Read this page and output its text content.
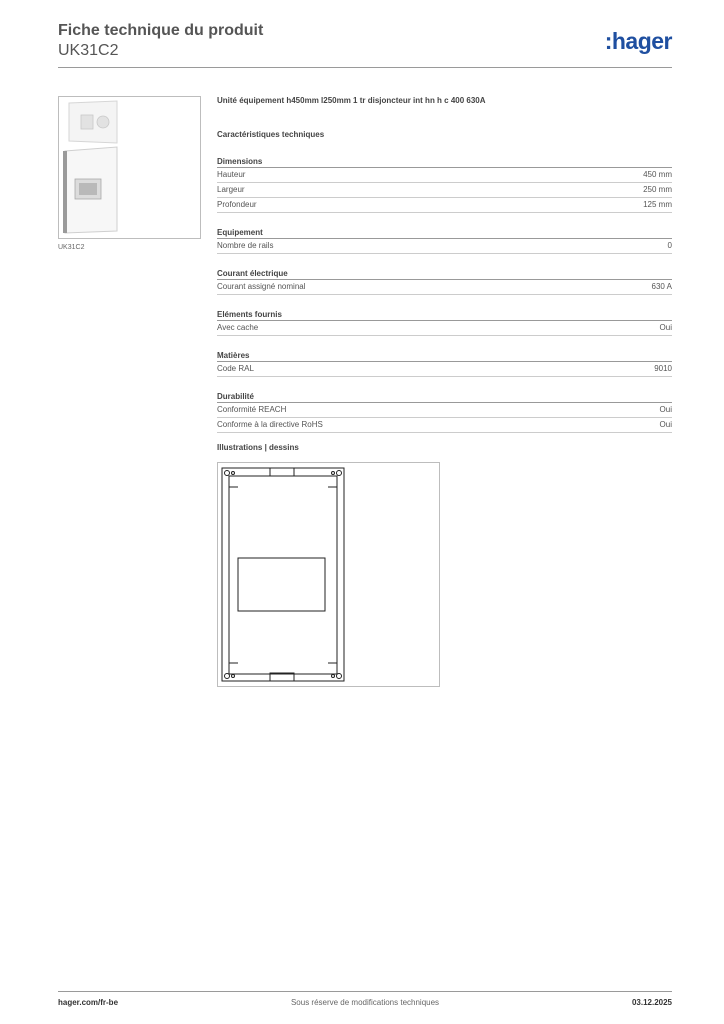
Fiche technique du produit
UK31C2	:hager
UK31C2
Unité équipement h450mm l250mm 1 tr disjoncteur int hn h c 400 630A
Caractéristiques techniques
Dimensions
Hauteur	450 mm
Largeur	250 mm
Profondeur	125 mm
Equipement
Nombre de rails	0
Courant électrique
Courant assigné nominal	630 A
Eléments fournis
Avec cache	Oui
Matières
Code RAL	9010
Durabilité
Conformité REACH	Oui
Conforme à la directive RoHS	Oui
Illustrations | dessins
hager.com/fr-be	Sous réserve de modifications techniques	03.12.2025
